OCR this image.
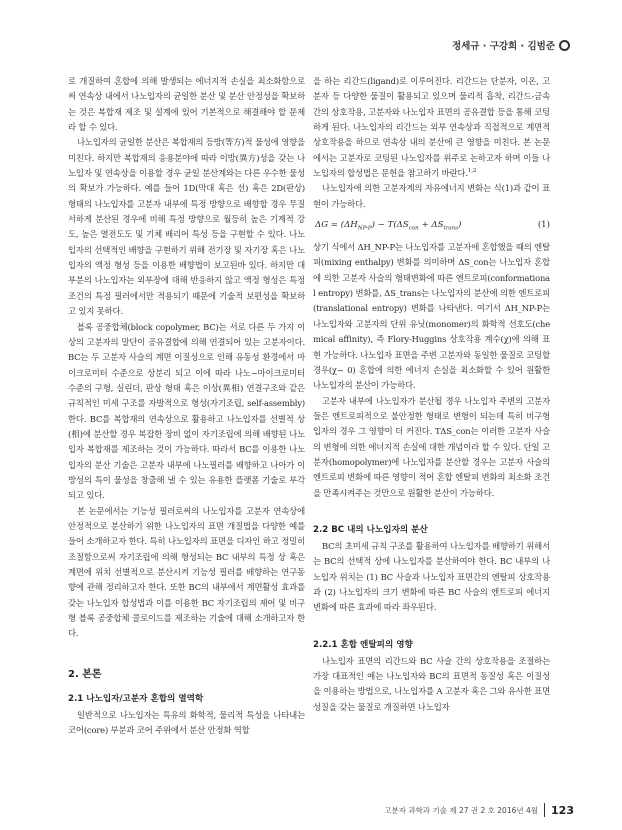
정세규 · 구강희 · 김범준

로 개질하여 혼합에 의해 발생되는 에너지적 손실을 최소화함으로써 연속상 내에서 나노입자의 균일한 분산 및 분산 안정성을 확보하는 것은 복합재 제조 및 설계에 있어 기본적으로 해결해야 할 문제라 할 수 있다.

나노입자의 균일한 분산은 복합재의 등방(等方)적 물성에 영향을 미친다. 하지만 복합재의 응용분야에 따라 이방(異方)성을 갖는 나노입자 및 연속상을 이용할 경우 균일 분산계와는 다른 우수한 물성의 확보가 가능하다. 예를 들어 1D(막대 혹은 선) 혹은 2D(판상) 형태의 나노입자를 고분자 내부에 특정 방향으로 배향할 경우 무질서하게 분산된 경우에 비해 특정 방향으로 월등히 높은 기계적 강도, 높은 열전도도 및 기체 배리어 특성 등을 구현할 수 있다. 나노입자의 선택적인 배향을 구현하기 위해 전기장 및 자기장 혹은 나노입자의 액정 형성 등을 이용한 배향법이 보고된바 있다. 하지만 대부분의 나노입자는 외부장에 대해 반응하지 않고 액정 형성은 특정 조건의 특정 필러에서만 적용되기 때문에 기술적 보편성을 확보하고 있지 못하다.

블록 공중합체(block copolymer, BC)는 서로 다른 두 가지 이상의 고분자의 말단이 공유결합에 의해 연결되어 있는 고분자이다. BC는 두 고분자 사슬의 계면 이질성으로 인해 유동성 환경에서 마이크로미터 수준으로 상분리 되고 이에 따라 나노~마이크로미터 수준의 구형, 실린더, 판상 형태 혹은 이상(異相) 연결구조와 같은 규칙적인 미세 구조를 자발적으로 형성(자기조립, self-assembly)한다. BC를 복합재의 연속상으로 활용하고 나노입자를 선별적 상(相)에 분산할 경우 복잡한 장비 없이 자기조립에 의해 배향된 나노입자 복합재를 제조하는 것이 가능하다. 따라서 BC를 이용한 나노입자의 분산 기술은 고분자 내부에 나노필러를 배향하고 나아가 이방성의 특이 물성을 창출해 낼 수 있는 유용한 플랫폼 기술로 부각되고 있다.

본 논문에서는 기능성 필러로써의 나노입자를 고분자 연속상에 안정적으로 분산하기 위한 나노입자의 표면 개질법을 다양한 예를 들어 소개하고자 한다. 특히 나노입자의 표면을 디자인 하고 정밀히 조절함으로써 자기조립에 의해 형성되는 BC 내부의 특정 상 혹은 계면에 위치 선별적으로 분산시켜 기능성 필러를 배향하는 연구동향에 관해 정리하고자 한다. 또한 BC의 내부에서 계면활성 효과를 갖는 나노입자 합성법과 이를 이용한 BC 자기조립의 제어 및 비구형 블록 공중합체 콜로이드를 제조하는 기술에 대해 소개하고자 한다.

2. 본론
2.1 나노입자/고분자 혼합의 열역학

일반적으로 나노입자는 특유의 화학적, 물리적 특성을 나타내는 코어(core) 부분과 코어 주위에서 분산 안정화 역할

을 하는 리간드(ligand)로 이루어진다. 리간드는 단분자, 이온, 고분자 등 다양한 물질이 활용되고 있으며 물리적 흡착, 리간드-금속 간의 상호작용, 고분자와 나노입자 표면의 공유결합 등을 통해 코팅하게 된다. 나노입자의 리간드는 외부 연속상과 직접적으로 계면적 상호작용을 하므로 연속상 내의 분산에 큰 영향을 미친다. 본 논문에서는 고분자로 코팅된 나노입자를 위주로 논하고자 하며 이들 나노입자의 합성법은 문헌을 참고하기 바란다.$^{1,2}$

나노입자에 의한 고분자계의 자유에너지 변화는 식(1)과 같이 표현이 가능하다.

$\Delta G = (\Delta H_{NP-P}) - T(\Delta S_{con} + \Delta S_{trans})$	(1)

상기 식에서 ΔH_NP-P는 나노입자를 고분자에 혼합했을 때의 엔탈피(mixing enthalpy) 변화를 의미하며 ΔS_con는 나노입자 혼합에 의한 고분자 사슬의 형태변화에 따른 엔트로피(conformational entropy) 변화를, ΔS_trans는 나노입자의 분산에 의한 엔트로피(translational entropy) 변화를 나타낸다. 여기서 ΔH_NP-P는 나노입자와 고분자의 단위 유닛(monomer)의 화학적 선호도(chemical affinity), 즉 Flory-Huggins 상호작용 계수(χ)에 의해 표현 가능하다. 나노입자 표면을 주변 고분자와 동일한 물질로 코팅할 경우(χ~ 0) 혼합에 의한 에너지 손실을 최소화할 수 있어 원활한 나노입자의 분산이 가능하다.

고분자 내부에 나노입자가 분산될 경우 나노입자 주변의 고분자들은 엔트로피적으로 불안정한 형태로 변형이 되는데 특히 비구형 입자의 경우 그 영향이 더 커진다. TΔS_con는 이러한 고분자 사슬의 변형에 의한 에너지적 손실에 대한 개념이라 할 수 있다. 단일 고분자(homopolymer)에 나노입자를 분산할 경우는 고분자 사슬의 엔트로피 변화에 따른 영향이 적어 혼합 엔탈피 변화의 최소화 조건을 만족시켜주는 것만으로 원활한 분산이 가능하다.

2.2 BC 내의 나노입자의 분산

BC의 초미세 규칙 구조를 활용하여 나노입자를 배향하기 위해서는 BC의 선택적 상에 나노입자를 분산하여야 한다. BC 내부의 나노입자 위치는 (1) BC 사슬과 나노입자 표면간의 엔탈피 상호작용과 (2) 나노입자의 크기 변화에 따른 BC 사슬의 엔트로피 에너지 변화에 따른 효과에 따라 좌우된다.

2.2.1 혼합 엔탈피의 영향

나노입자 표면의 리간드와 BC 사슬 간의 상호작용을 조절하는 가장 대표적인 예는 나노입자와 BC의 표면적 동질성 혹은 이질성을 이용하는 방법으로, 나노입자를 A 고분자 혹은 그와 유사한 표면성질을 갖는 물질로 개질하면 나노입자

고분자 과학과 기술 제 27 권 2 호 2016년 4월 123
